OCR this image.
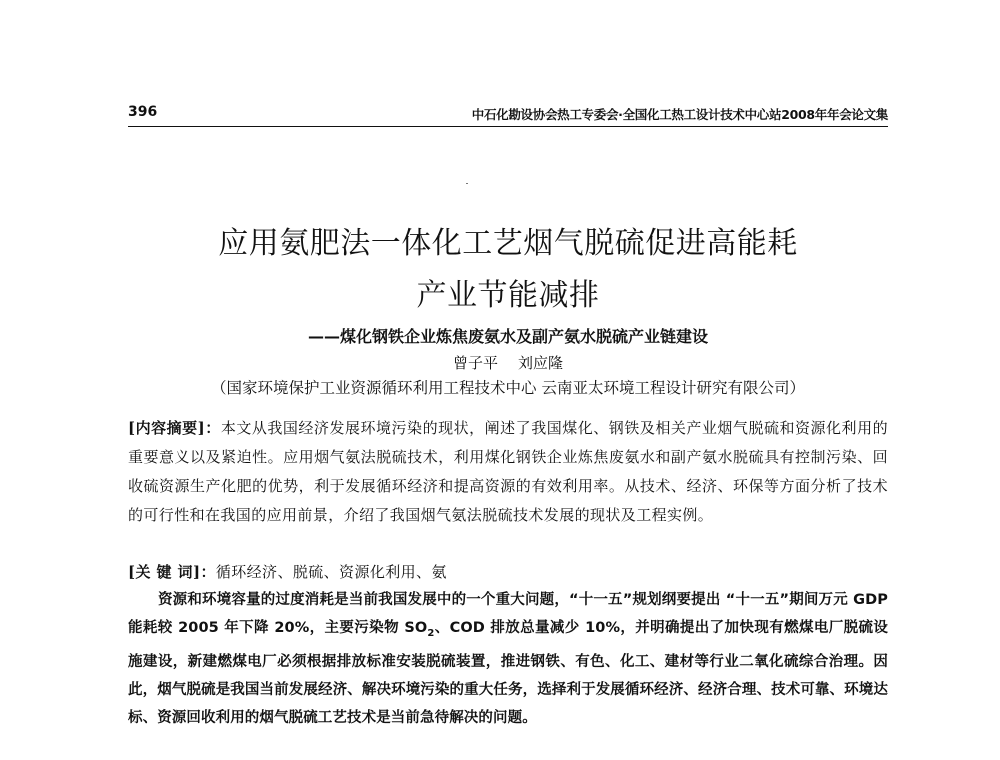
396	中石化勘设协会热工专委会·全国化工热工设计技术中心站2008年年会论文集
应用氨肥法一体化工艺烟气脱硫促进高能耗
产业节能减排
——煤化钢铁企业炼焦废氨水及副产氨水脱硫产业链建设
曾子平 刘应隆
（国家环境保护工业资源循环利用工程技术中心 云南亚太环境工程设计研究有限公司）
[内容摘要]：本文从我国经济发展环境污染的现状，阐述了我国煤化、钢铁及相关产业烟气脱硫和资源化利用的重要意义以及紧迫性。应用烟气氨法脱硫技术，利用煤化钢铁企业炼焦废氨水和副产氨水脱硫具有控制污染、回收硫资源生产化肥的优势，利于发展循环经济和提高资源的有效利用率。从技术、经济、环保等方面分析了技术的可行性和在我国的应用前景，介绍了我国烟气氨法脱硫技术发展的现状及工程实例。
[关 键 词]：循环经济、脱硫、资源化利用、氨

资源和环境容量的过度消耗是当前我国发展中的一个重大问题，“十一五”规划纲要提出 “十一五”期间万元 GDP 能耗较 2005 年下降 20%，主要污染物 $SO_2$、COD 排放总量减少 10%，并明确提出了加快现有燃煤电厂脱硫设施建设，新建燃煤电厂必须根据排放标准安装脱硫装置，推进钢铁、有色、化工、建材等行业二氧化硫综合治理。因此，烟气脱硫是我国当前发展经济、解决环境污染的重大任务，选择利于发展循环经济、经济合理、技术可靠、环境达标、资源回收利用的烟气脱硫工艺技术是当前急待解决的问题。
